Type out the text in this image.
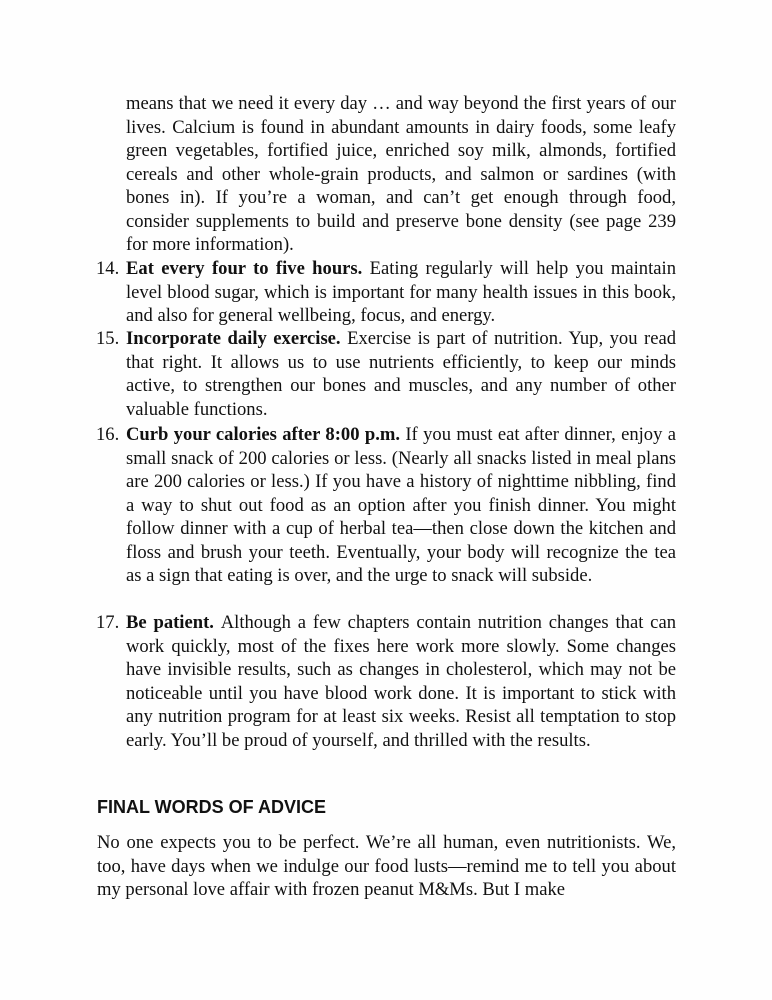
means that we need it every day … and way beyond the first years of our lives. Calcium is found in abundant amounts in dairy foods, some leafy green vegetables, fortified juice, enriched soy milk, almonds, fortified cereals and other whole-grain products, and salmon or sardines (with bones in). If you’re a woman, and can’t get enough through food, consider supplements to build and preserve bone density (see page 239 for more information).

14. Eat every four to five hours. Eating regularly will help you maintain level blood sugar, which is important for many health issues in this book, and also for general wellbeing, focus, and energy.
15. Incorporate daily exercise. Exercise is part of nutrition. Yup, you read that right. It allows us to use nutrients efficiently, to keep our minds active, to strengthen our bones and muscles, and any number of other valuable functions.
16. Curb your calories after 8:00 p.m. If you must eat after dinner, enjoy a small snack of 200 calories or less. (Nearly all snacks listed in meal plans are 200 calories or less.) If you have a history of nighttime nibbling, find a way to shut out food as an option after you finish dinner. You might follow dinner with a cup of herbal tea—then close down the kitchen and floss and brush your teeth. Eventually, your body will recognize the tea as a sign that eating is over, and the urge to snack will subside.
17. Be patient. Although a few chapters contain nutrition changes that can work quickly, most of the fixes here work more slowly. Some changes have invisible results, such as changes in cholesterol, which may not be noticeable until you have blood work done. It is important to stick with any nutrition program for at least six weeks. Resist all temptation to stop early. You’ll be proud of yourself, and thrilled with the results.
FINAL WORDS OF ADVICE

No one expects you to be perfect. We’re all human, even nutritionists. We, too, have days when we indulge our food lusts—remind me to tell you about my personal love affair with frozen peanut M&Ms. But I make
